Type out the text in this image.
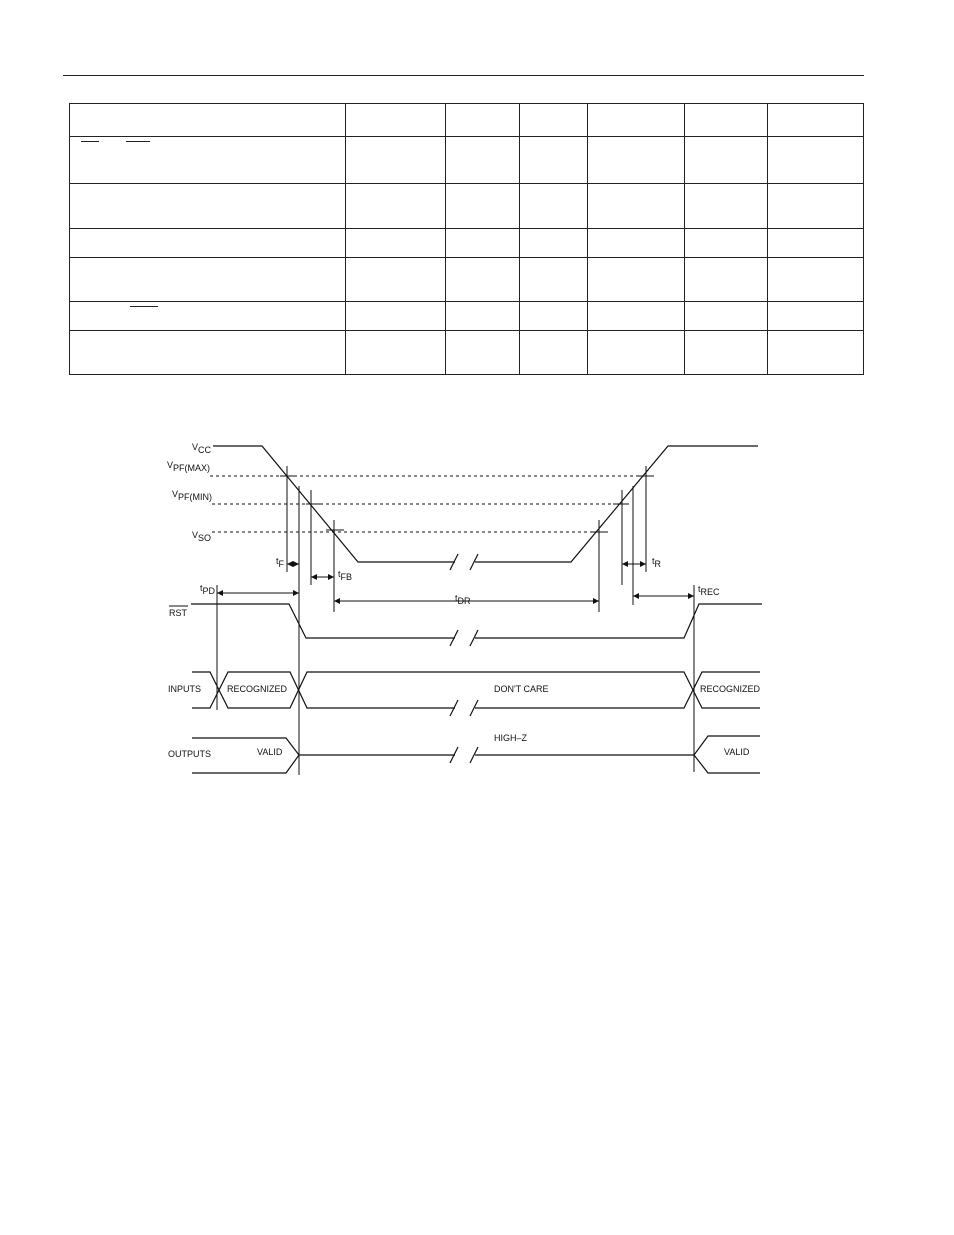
VCC
VPF(MAX)
VPF(MIN)
VSO
tF
tFB
tDR
tR
tPD	tREC
RST
INPUTS
OUTPUTS
RECOGNIZED	DON'T CARE	RECOGNIZED
VALID
HIGH–Z
VALID
